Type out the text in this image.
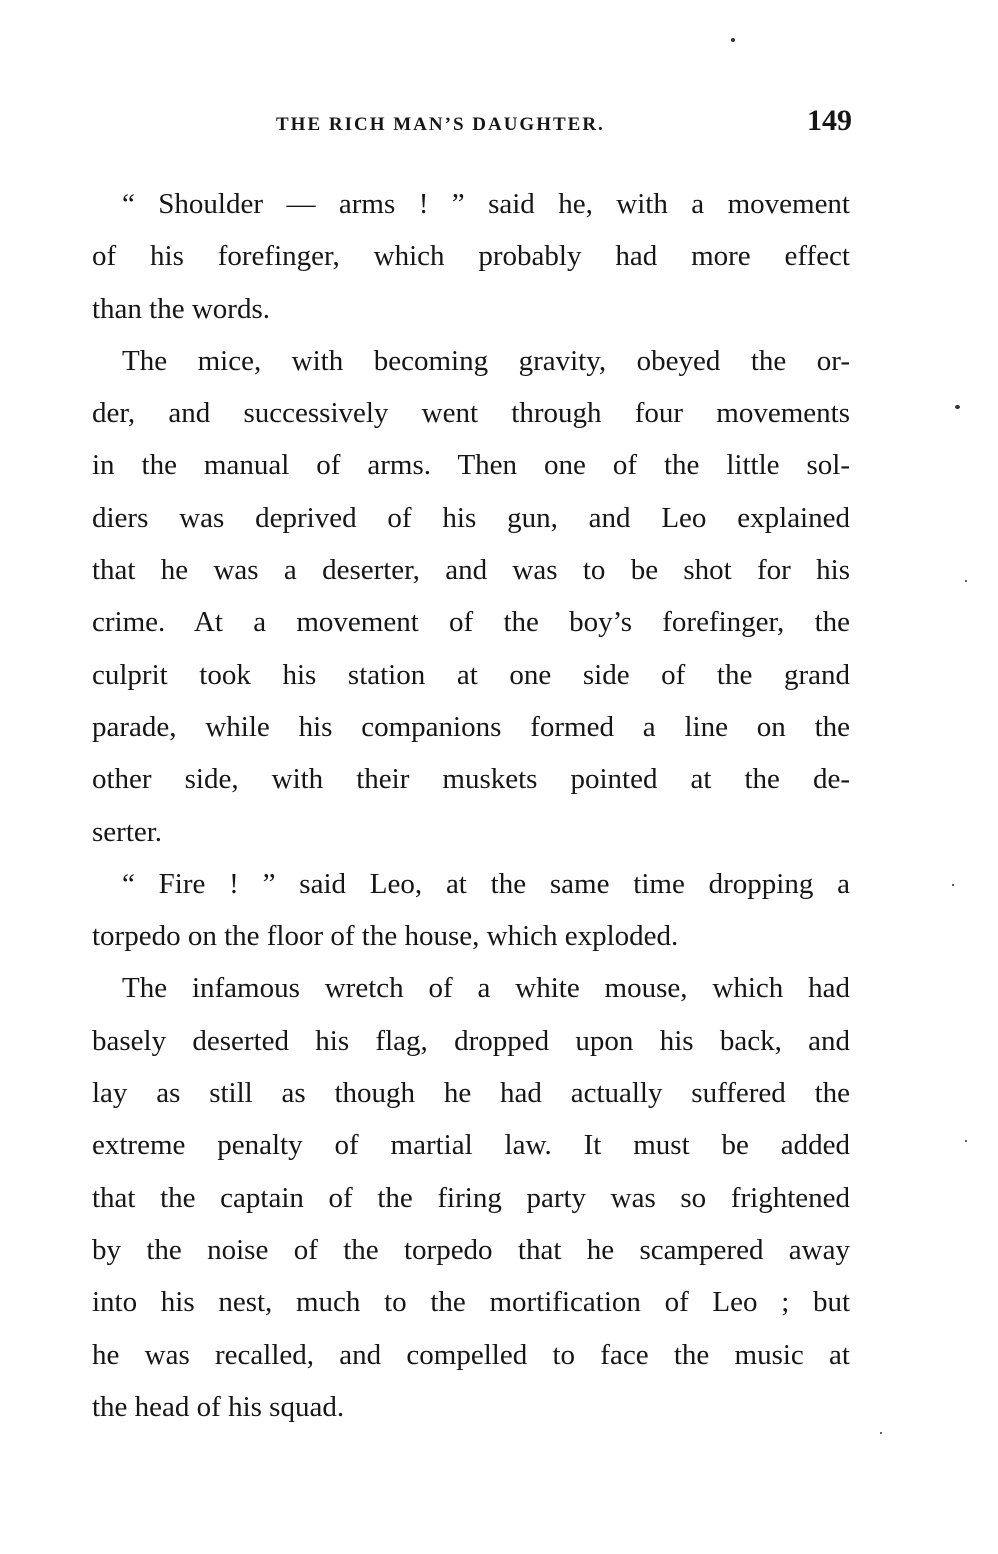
THE RICH MAN’S DAUGHTER.	149
“ Shoulder — arms ! ” said he, with a movement
of his forefinger, which probably had more effect
than the words.
The mice, with becoming gravity, obeyed the or-
der, and successively went through four movements
in the manual of arms. Then one of the little sol-
diers was deprived of his gun, and Leo explained
that he was a deserter, and was to be shot for his
crime. At a movement of the boy’s forefinger, the
culprit took his station at one side of the grand
parade, while his companions formed a line on the
other side, with their muskets pointed at the de-
serter.
“ Fire ! ” said Leo, at the same time dropping a
torpedo on the floor of the house, which exploded.
The infamous wretch of a white mouse, which had
basely deserted his flag, dropped upon his back, and
lay as still as though he had actually suffered the
extreme penalty of martial law. It must be added
that the captain of the firing party was so frightened
by the noise of the torpedo that he scampered away
into his nest, much to the mortification of Leo ; but
he was recalled, and compelled to face the music at
the head of his squad.
